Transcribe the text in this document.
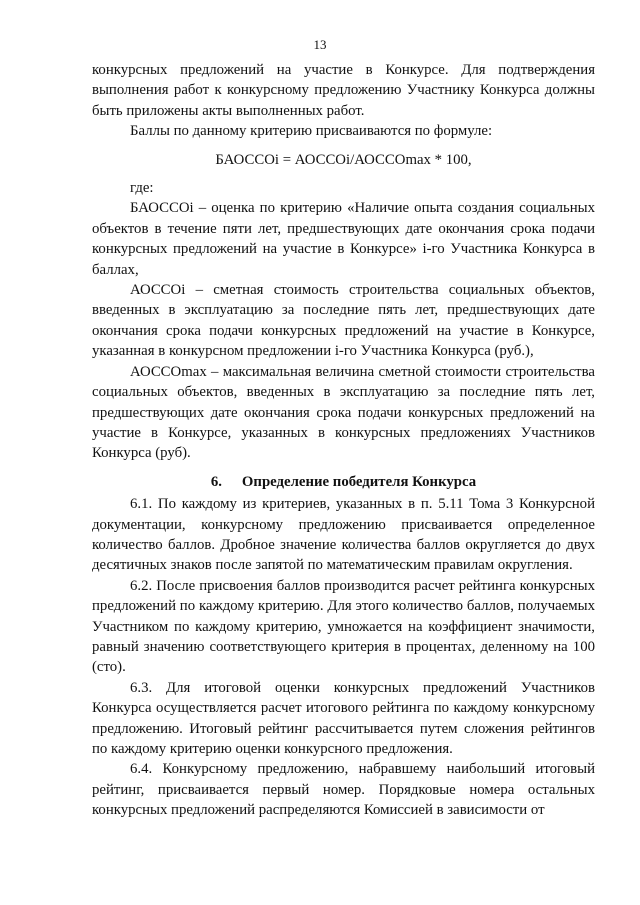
13

конкурсных предложений на участие в Конкурсе. Для подтверждения выполнения работ к конкурсному предложению Участнику Конкурса должны быть приложены акты выполненных работ.

Баллы по данному критерию присваиваются по формуле:

БАОССОi = АОССОi/АОССОmax * 100,

где:

БАОССОi – оценка по критерию «Наличие опыта создания социальных объектов в течение пяти лет, предшествующих дате окончания срока подачи конкурсных предложений на участие в Конкурсе» i-го Участника Конкурса в баллах,

АОССОi – сметная стоимость строительства социальных объектов, введенных в эксплуатацию за последние пять лет, предшествующих дате окончания срока подачи конкурсных предложений на участие в Конкурсе, указанная в конкурсном предложении i-го Участника Конкурса (руб.),

АОССОmax – максимальная величина сметной стоимости строительства социальных объектов, введенных в эксплуатацию за последние пять лет, предшествующих дате окончания срока подачи конкурсных предложений на участие в Конкурсе, указанных в конкурсных предложениях Участников Конкурса (руб).

6. Определение победителя Конкурса

6.1. По каждому из критериев, указанных в п. 5.11 Тома 3 Конкурсной документации, конкурсному предложению присваивается определенное количество баллов. Дробное значение количества баллов округляется до двух десятичных знаков после запятой по математическим правилам округления.

6.2. После присвоения баллов производится расчет рейтинга конкурсных предложений по каждому критерию. Для этого количество баллов, получаемых Участником по каждому критерию, умножается на коэффициент значимости, равный значению соответствующего критерия в процентах, деленному на 100 (сто).

6.3. Для итоговой оценки конкурсных предложений Участников Конкурса осуществляется расчет итогового рейтинга по каждому конкурсному предложению. Итоговый рейтинг рассчитывается путем сложения рейтингов по каждому критерию оценки конкурсного предложения.

6.4. Конкурсному предложению, набравшему наибольший итоговый рейтинг, присваивается первый номер. Порядковые номера остальных конкурсных предложений распределяются Комиссией в зависимости от
